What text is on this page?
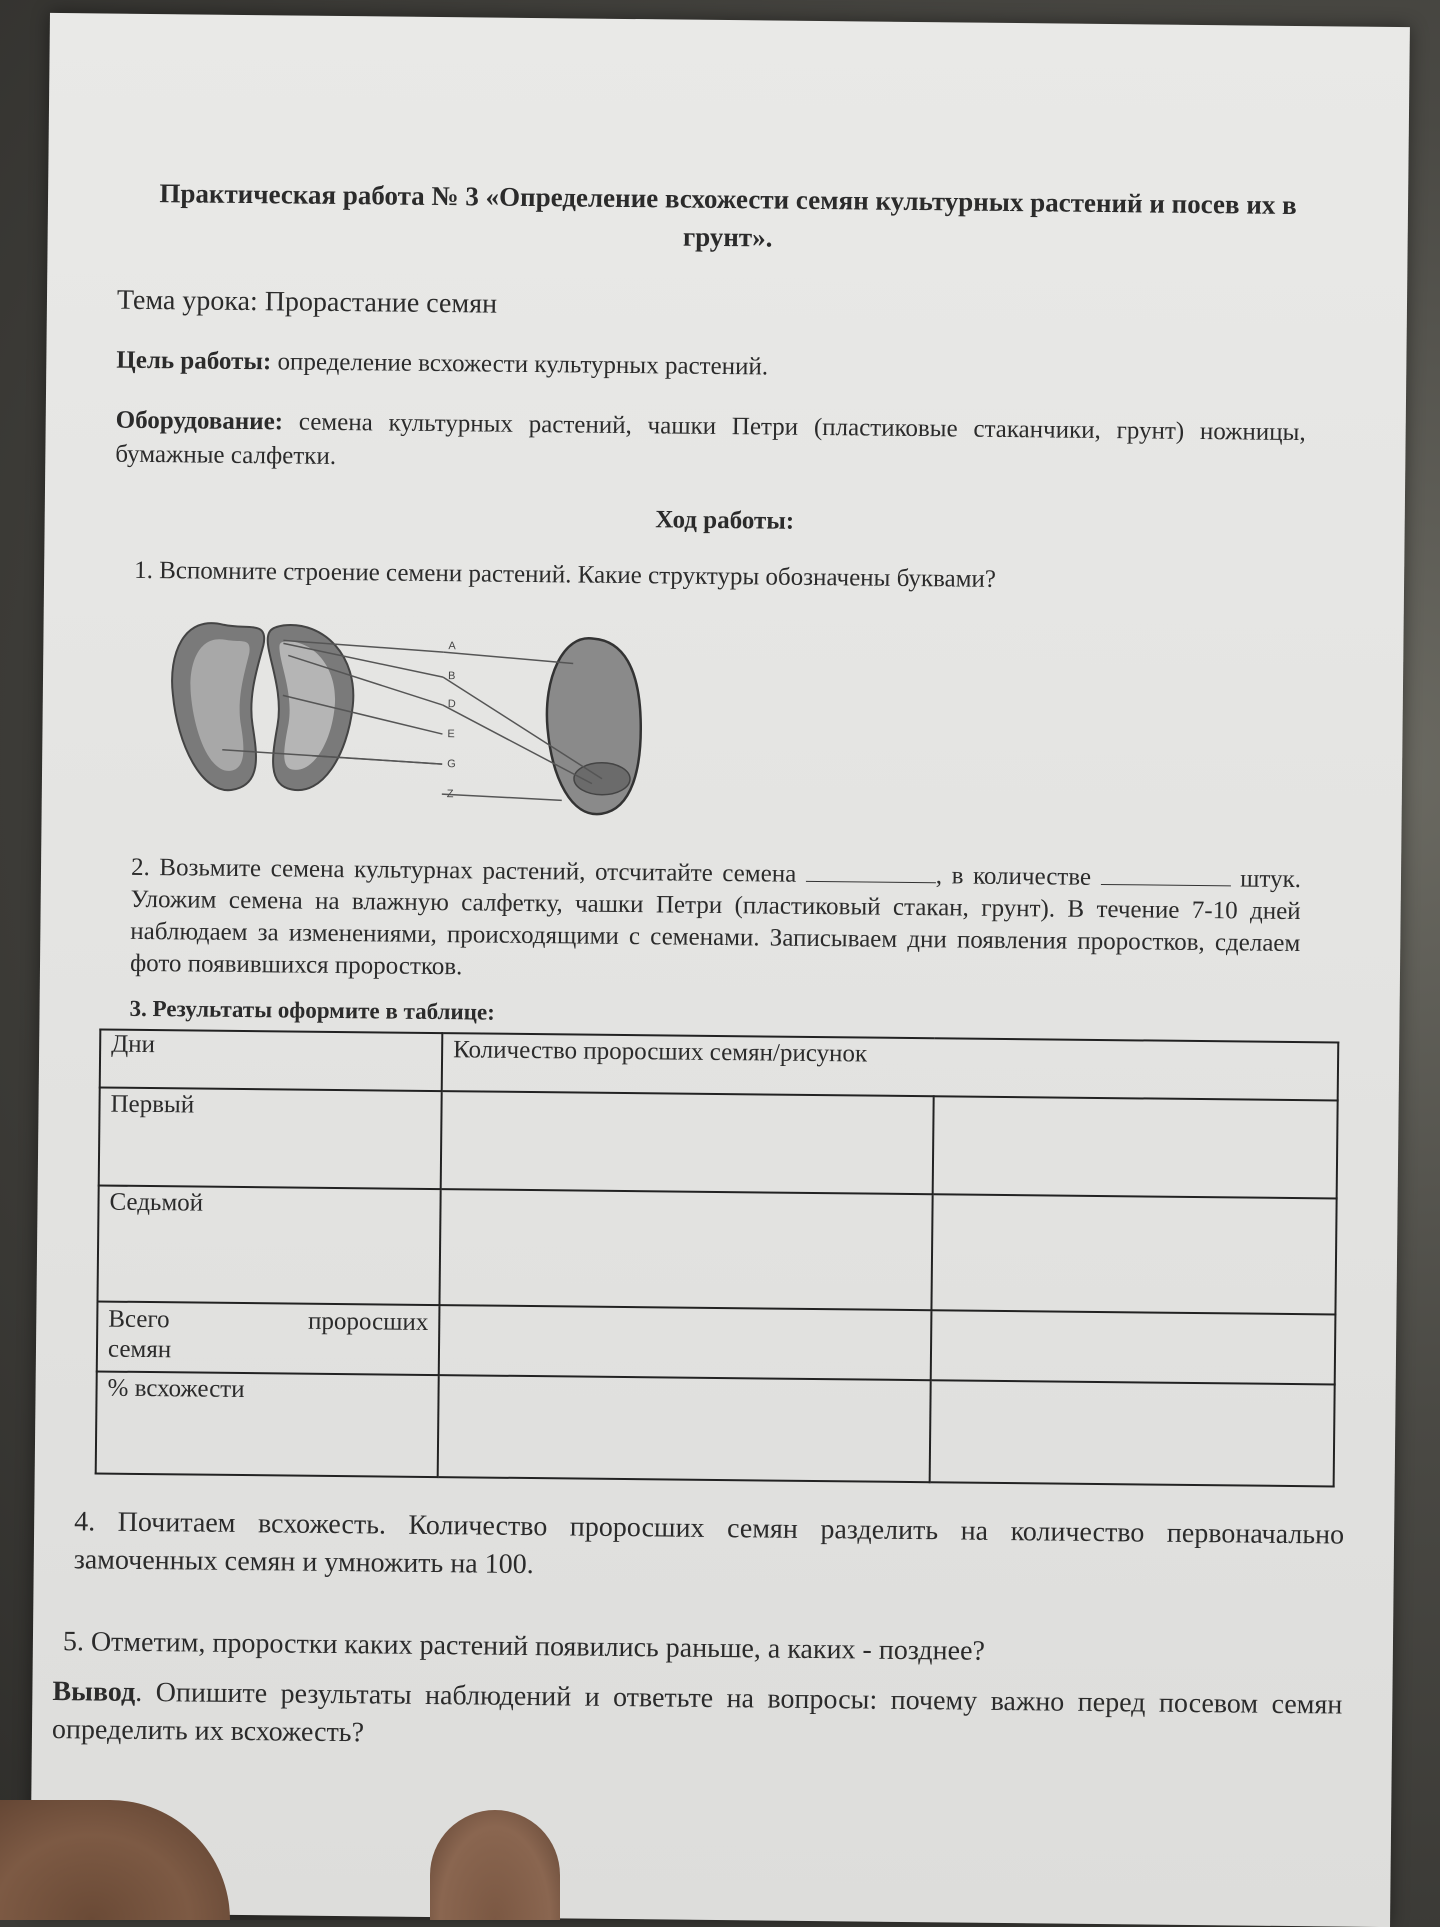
Практическая работа № 3 «Определение всхожести семян культурных растений и посев их в грунт».
Тема урока: Прорастание семян
Цель работы: определение всхожести культурных растений.
Оборудование: семена культурных растений, чашки Петри (пластиковые стаканчики, грунт) ножницы, бумажные салфетки.
Ход работы:
1. Вспомните строение семени растений. Какие структуры обозначены буквами?
A
B
D
E
G
Z
2. Возьмите семена культурнах растений, отсчитайте семена	, в количестве	штук. Уложим семена на влажную салфетку, чашки Петри (пластиковый стакан, грунт). В течение 7-10 дней наблюдаем за изменениями, происходящими с семенами. Записываем дни появления проростков, сделаем фото появившихся проростков.
3. Результаты оформите в таблице:
Дни	Количество проросших семян/рисунок	
Первый		
Седьмой		

Всего проросших
семян		
% всхожести		
4. Почитаем всхожесть. Количество проросших семян разделить на количество первоначально замоченных семян и умножить на 100.
5. Отметим, проростки каких растений появились раньше, а каких - позднее?
Вывод. Опишите результаты наблюдений и ответьте на вопросы: почему важно перед посевом семян определить их всхожесть?
